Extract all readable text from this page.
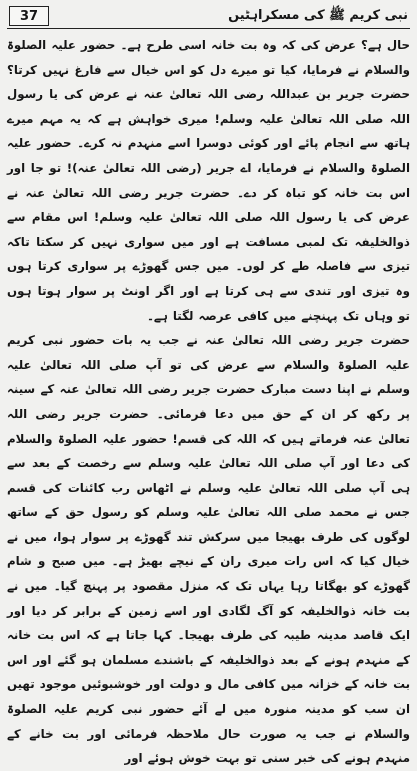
37	نبی کریم ﷺ کی مسکراہٹیں

حال ہے؟ عرض کی کہ وہ بت خانہ اسی طرح ہے۔ حضور علیہ الصلوۃ والسلام نے فرمایا، کیا تو میرے دل کو اس خیال سے فارغ نہیں کرتا؟ حضرت جریر بن عبداللہ رضی اللہ تعالیٰ عنہ نے عرض کی یا رسول اللہ صلی اللہ تعالیٰ علیہ وسلم! میری خواہش ہے کہ یہ مہم میرے ہاتھ سے انجام پائے اور کوئی دوسرا اسے منہدم نہ کرے۔ حضور علیہ الصلوۃ والسلام نے فرمایا، اے جریر (رضی اللہ تعالیٰ عنہ)! تو جا اور اس بت خانہ کو تباہ کر دے۔ حضرت جریر رضی اللہ تعالیٰ عنہ نے عرض کی یا رسول اللہ صلی اللہ تعالیٰ علیہ وسلم! اس مقام سے ذوالخلیفہ تک لمبی مسافت ہے اور میں سواری نہیں کر سکتا تاکہ تیزی سے فاصلہ طے کر لوں۔ میں جس گھوڑے پر سواری کرتا ہوں وہ تیزی اور تندی سے ہی کرتا ہے اور اگر اونٹ پر سوار ہوتا ہوں تو وہاں تک پہنچنے میں کافی عرصہ لگتا ہے۔

حضرت جریر رضی اللہ تعالیٰ عنہ نے جب یہ بات حضور نبی کریم علیہ الصلوۃ والسلام سے عرض کی تو آپ صلی اللہ تعالیٰ علیہ وسلم نے اپنا دست مبارک حضرت جریر رضی اللہ تعالیٰ عنہ کے سینہ پر رکھ کر ان کے حق میں دعا فرمائی۔ حضرت جریر رضی اللہ تعالیٰ عنہ فرماتے ہیں کہ اللہ کی قسم! حضور علیہ الصلوۃ والسلام کی دعا اور آپ صلی اللہ تعالیٰ علیہ وسلم سے رخصت کے بعد سے ہی آپ صلی اللہ تعالیٰ علیہ وسلم نے اٹھاس رب کائنات کی قسم جس نے محمد صلی اللہ تعالیٰ علیہ وسلم کو رسول حق کے ساتھ لوگوں کی طرف بھیجا میں سرکش تند گھوڑے پر سوار ہوا، میں نے خیال کیا کہ اس رات میری ران کے نیچے بھیڑ ہے۔ میں صبح و شام گھوڑے کو بھگاتا رہا یہاں تک کہ منزل مقصود پر پہنچ گیا۔ میں نے بت خانہ ذوالخلیفہ کو آگ لگادی اور اسے زمین کے برابر کر دیا اور ایک قاصد مدینہ طیبہ کی طرف بھیجا۔ کہا جاتا ہے کہ اس بت خانہ کے منہدم ہونے کے بعد ذوالخلیفہ کے باشندے مسلمان ہو گئے اور اس بت خانہ کے خزانہ میں کافی مال و دولت اور خوشبوئیں موجود تھیں ان سب کو مدینہ منورہ میں لے آئے حضور نبی کریم علیہ الصلوۃ والسلام نے جب یہ صورت حال ملاحظہ فرمائی اور بت خانے کے منہدم ہونے کی خبر سنی تو بہت خوش ہوئے اور
